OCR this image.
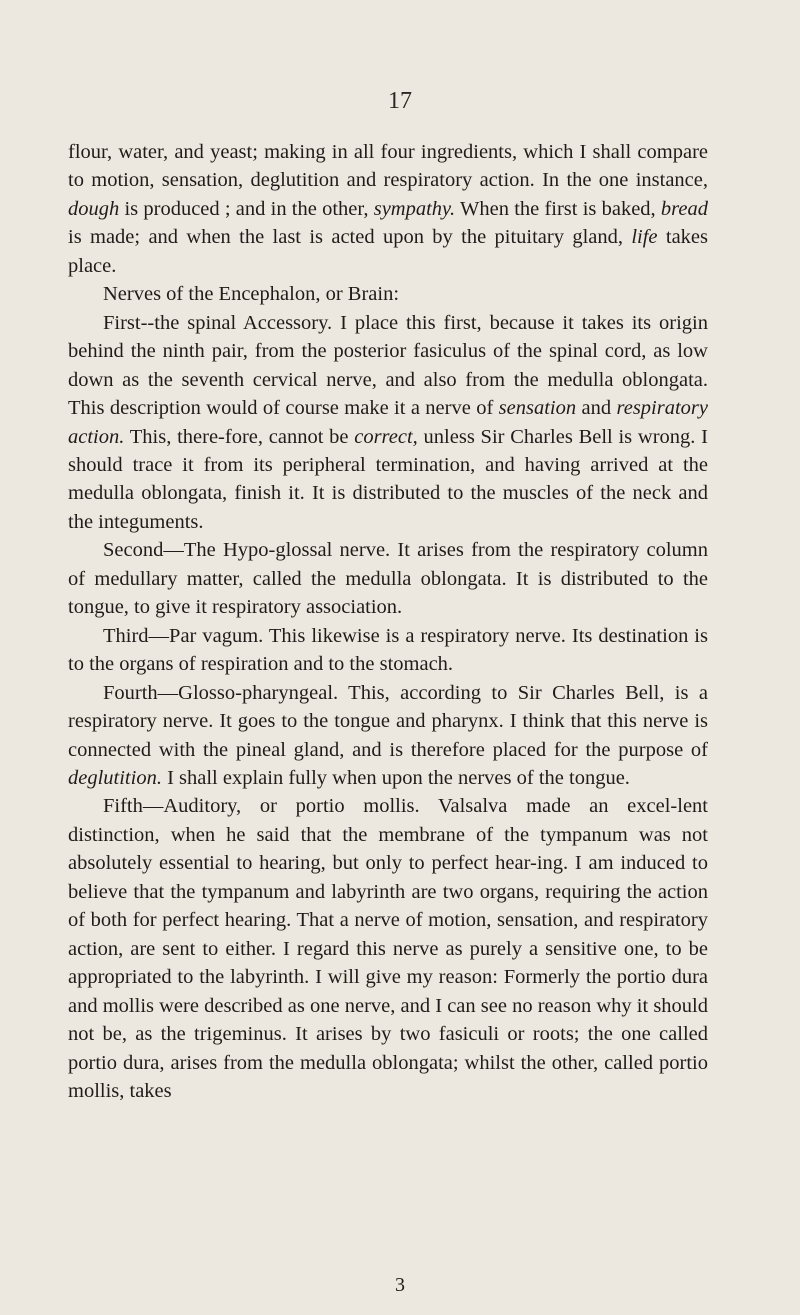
17

flour, water, and yeast; making in all four ingredients, which I shall compare to motion, sensation, deglutition and respiratory action. In the one instance, dough is produced ; and in the other, sympathy. When the first is baked, bread is made; and when the last is acted upon by the pituitary gland, life takes place.

Nerves of the Encephalon, or Brain:

First--the spinal Accessory. I place this first, because it takes its origin behind the ninth pair, from the posterior fasiculus of the spinal cord, as low down as the seventh cervical nerve, and also from the medulla oblongata. This description would of course make it a nerve of sensation and respiratory action. This, there-fore, cannot be correct, unless Sir Charles Bell is wrong. I should trace it from its peripheral termination, and having arrived at the medulla oblongata, finish it. It is distributed to the muscles of the neck and the integuments.

Second—The Hypo-glossal nerve. It arises from the respiratory column of medullary matter, called the medulla oblongata. It is distributed to the tongue, to give it respiratory association.

Third—Par vagum. This likewise is a respiratory nerve. Its destination is to the organs of respiration and to the stomach.

Fourth—Glosso-pharyngeal. This, according to Sir Charles Bell, is a respiratory nerve. It goes to the tongue and pharynx. I think that this nerve is connected with the pineal gland, and is therefore placed for the purpose of deglutition. I shall explain fully when upon the nerves of the tongue.

Fifth—Auditory, or portio mollis. Valsalva made an excel-lent distinction, when he said that the membrane of the tympanum was not absolutely essential to hearing, but only to perfect hear-ing. I am induced to believe that the tympanum and labyrinth are two organs, requiring the action of both for perfect hearing. That a nerve of motion, sensation, and respiratory action, are sent to either. I regard this nerve as purely a sensitive one, to be appropriated to the labyrinth. I will give my reason: Formerly the portio dura and mollis were described as one nerve, and I can see no reason why it should not be, as the trigeminus. It arises by two fasiculi or roots; the one called portio dura, arises from the medulla oblongata; whilst the other, called portio mollis, takes

3
